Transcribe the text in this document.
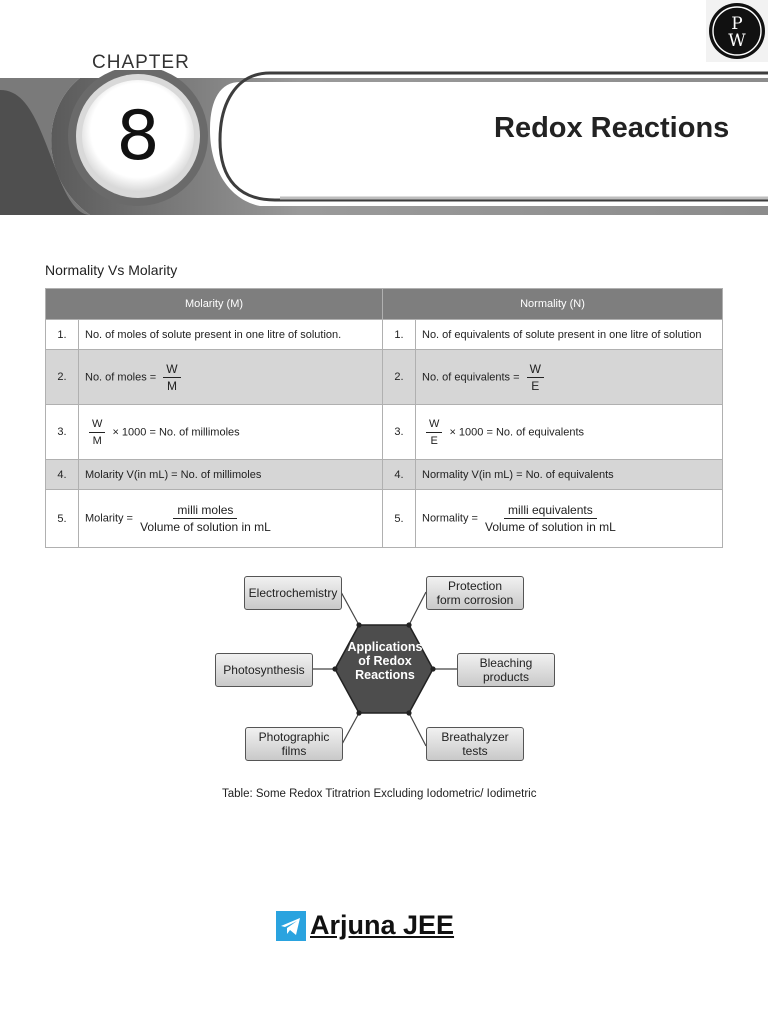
CHAPTER
8	Redox Reactions
P
W
Normality Vs Molarity
Molarity (M)		Normality (N)	
1.	No. of moles of solute present in one litre of solution.	1.	No. of equivalents of solute present in one litre of solution
2.	No. of moles = $\frac{W}{M}$	2.	No. of equivalents = $\frac{W}{E}$

3.	$\frac{W}{M} \times 1000 = No$. of millimoles	3.	$\frac{W}{E} \times 1000 = No$. of equivalents
4.	Molarity V(in mL) = No. of millimoles	4.	Normality V(in mL) = No. of equivalents
5.	Molarity = $\frac{\text{milli moles}}{\text{Volume of solution in mL}}$	5.	Normality = $\frac{\text{milli equivalents}}{\text{Volume of solution in mL}}$
Applications
of Redox
Reactions
Electrochemistry	Protection
form corrosion
Photosynthesis	Bleaching
products
Photographic
films
Breathalyzer
tests
Table: Some Redox Titratrion Excluding Iodometric/ Iodimetric
Arjuna JEE
